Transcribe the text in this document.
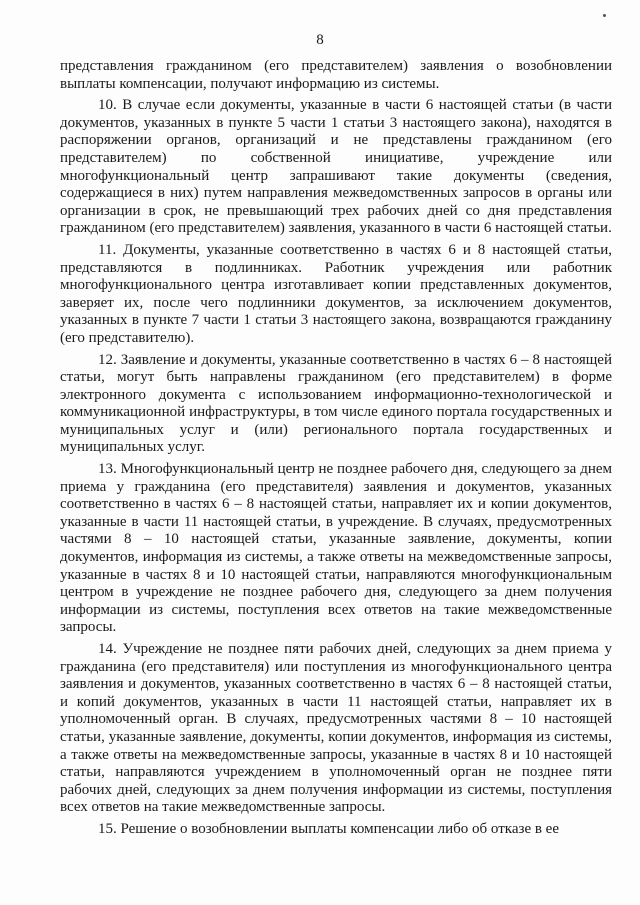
8

представления гражданином (его представителем) заявления о возобновлении выплаты компенсации, получают информацию из системы.

10. В случае если документы, указанные в части 6 настоящей статьи (в части документов, указанных в пункте 5 части 1 статьи 3 настоящего закона), находятся в распоряжении органов, организаций и не представлены гражданином (его представителем) по собственной инициативе, учреждение или многофункциональный центр запрашивают такие документы (сведения, содержащиеся в них) путем направления межведомственных запросов в органы или организации в срок, не превышающий трех рабочих дней со дня представления гражданином (его представителем) заявления, указанного в части 6 настоящей статьи.

11. Документы, указанные соответственно в частях 6 и 8 настоящей статьи, представляются в подлинниках. Работник учреждения или работник многофункционального центра изготавливает копии представленных документов, заверяет их, после чего подлинники документов, за исключением документов, указанных в пункте 7 части 1 статьи 3 настоящего закона, возвращаются гражданину (его представителю).

12. Заявление и документы, указанные соответственно в частях 6 – 8 настоящей статьи, могут быть направлены гражданином (его представителем) в форме электронного документа с использованием информационно-технологической и коммуникационной инфраструктуры, в том числе единого портала государственных и муниципальных услуг и (или) регионального портала государственных и муниципальных услуг.

13. Многофункциональный центр не позднее рабочего дня, следующего за днем приема у гражданина (его представителя) заявления и документов, указанных соответственно в частях 6 – 8 настоящей статьи, направляет их и копии документов, указанные в части 11 настоящей статьи, в учреждение. В случаях, предусмотренных частями 8 – 10 настоящей статьи, указанные заявление, документы, копии документов, информация из системы, а также ответы на межведомственные запросы, указанные в частях 8 и 10 настоящей статьи, направляются многофункциональным центром в учреждение не позднее рабочего дня, следующего за днем получения информации из системы, поступления всех ответов на такие межведомственные запросы.

14. Учреждение не позднее пяти рабочих дней, следующих за днем приема у гражданина (его представителя) или поступления из многофункционального центра заявления и документов, указанных соответственно в частях 6 – 8 настоящей статьи, и копий документов, указанных в части 11 настоящей статьи, направляет их в уполномоченный орган. В случаях, предусмотренных частями 8 – 10 настоящей статьи, указанные заявление, документы, копии документов, информация из системы, а также ответы на межведомственные запросы, указанные в частях 8 и 10 настоящей статьи, направляются учреждением в уполномоченный орган не позднее пяти рабочих дней, следующих за днем получения информации из системы, поступления всех ответов на такие межведомственные запросы.

15. Решение о возобновлении выплаты компенсации либо об отказе в ее
